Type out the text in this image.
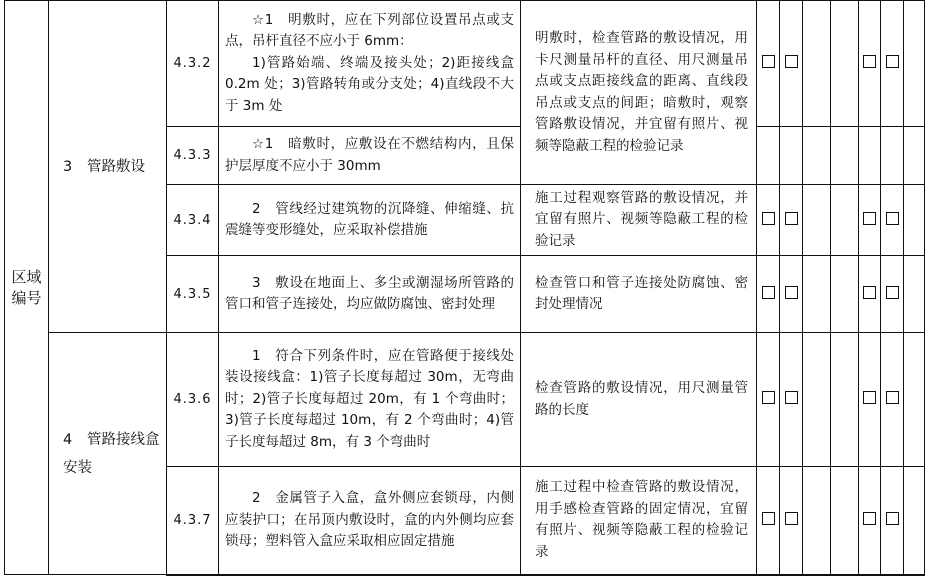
区域编号	3 管路敷设	4.3.2	☆1　明敷时，应在下列部位设置吊点或支点，吊杆直径不应小于 6mm：
1)管路始端、终端及接头处；2)距接线盒 0.2m 处；3)管路转角或分支处；4)直线段不大于 3m 处	明敷时，检查管路的敷设情况，用卡尺测量吊杆的直径、用尺测量吊点或支点距接线盒的距离、直线段吊点或支点的间距；暗敷时，观察管路敷设情况，并宜留有照片、视频等隐蔽工程的检验记录							
		4.3.3	☆1　暗敷时，应敷设在不燃结构内，且保护层厚度不应小于 30mm								
		4.3.4	2　管线经过建筑物的沉降缝、伸缩缝、抗震缝等变形缝处，应采取补偿措施	施工过程观察管路的敷设情况，并宜留有照片、视频等隐蔽工程的检验记录							
		4.3.5	3　敷设在地面上、多尘或潮湿场所管路的管口和管子连接处，均应做防腐蚀、密封处理	检查管口和管子连接处防腐蚀、密封处理情况							
	4 管路接线盒安装	4.3.6	1　符合下列条件时，应在管路便于接线处装设接线盒：1)管子长度每超过 30m，无弯曲时；2)管子长度每超过 20m，有 1 个弯曲时；3)管子长度每超过 10m，有 2 个弯曲时；4)管子长度每超过 8m，有 3 个弯曲时	检查管路的敷设情况，用尺测量管路的长度							
		4.3.7	2　金属管子入盒，盒外侧应套锁母，内侧应装护口；在吊顶内敷设时，盒的内外侧均应套锁母；塑料管入盒应采取相应固定措施	施工过程中检查管路的敷设情况，用手感检查管路的固定情况，宜留有照片、视频等隐蔽工程的检验记录							
